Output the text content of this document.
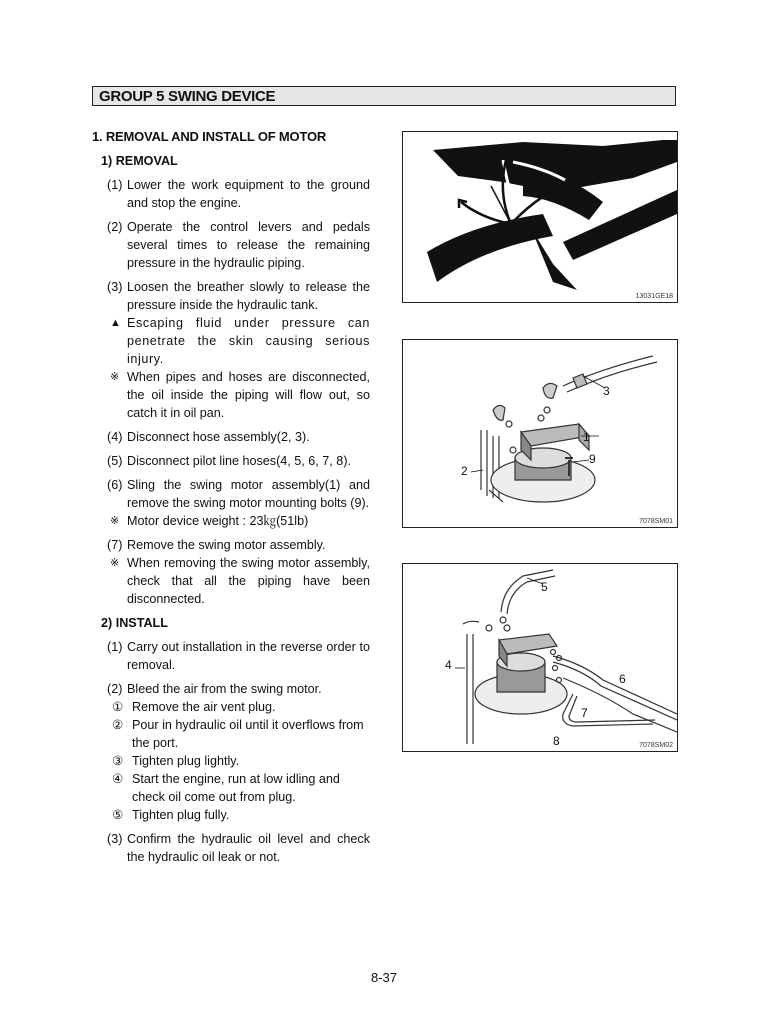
GROUP 5 SWING DEVICE
1. REMOVAL AND INSTALL OF MOTOR
1) REMOVAL
(1) Lower the work equipment to the ground and stop the engine.
(2) Operate the control levers and pedals several times to release the remaining pressure in the hydraulic piping.
(3) Loosen the breather slowly to release the pressure inside the hydraulic tank.
▲ Escaping fluid under pressure can penetrate the skin causing serious injury.
※ When pipes and hoses are disconnected, the oil inside the piping will flow out, so catch it in oil pan.
(4) Disconnect hose assembly(2, 3).
(5) Disconnect pilot line hoses(4, 5, 6, 7, 8).
(6) Sling the swing motor assembly(1) and remove the swing motor mounting bolts (9).
※ Motor device weight : 23㎏(51lb)
(7) Remove the swing motor assembly.
※ When removing the swing motor assembly, check that all the piping have been disconnected.
2) INSTALL
(1) Carry out installation in the reverse order to removal.
(2) Bleed the air from the swing motor.
① Remove the air vent plug.
② Pour in hydraulic oil until it overflows from
the port.
③ Tighten plug lightly.
④ Start the engine, run at low idling and
check oil come out from plug.
⑤ Tighten plug fully.
(3) Confirm the hydraulic oil level and check the hydraulic oil leak or not.
13031GE18
3
1
9
2
7078SM01
5
4
6
7
8	7078SM02
8-37
